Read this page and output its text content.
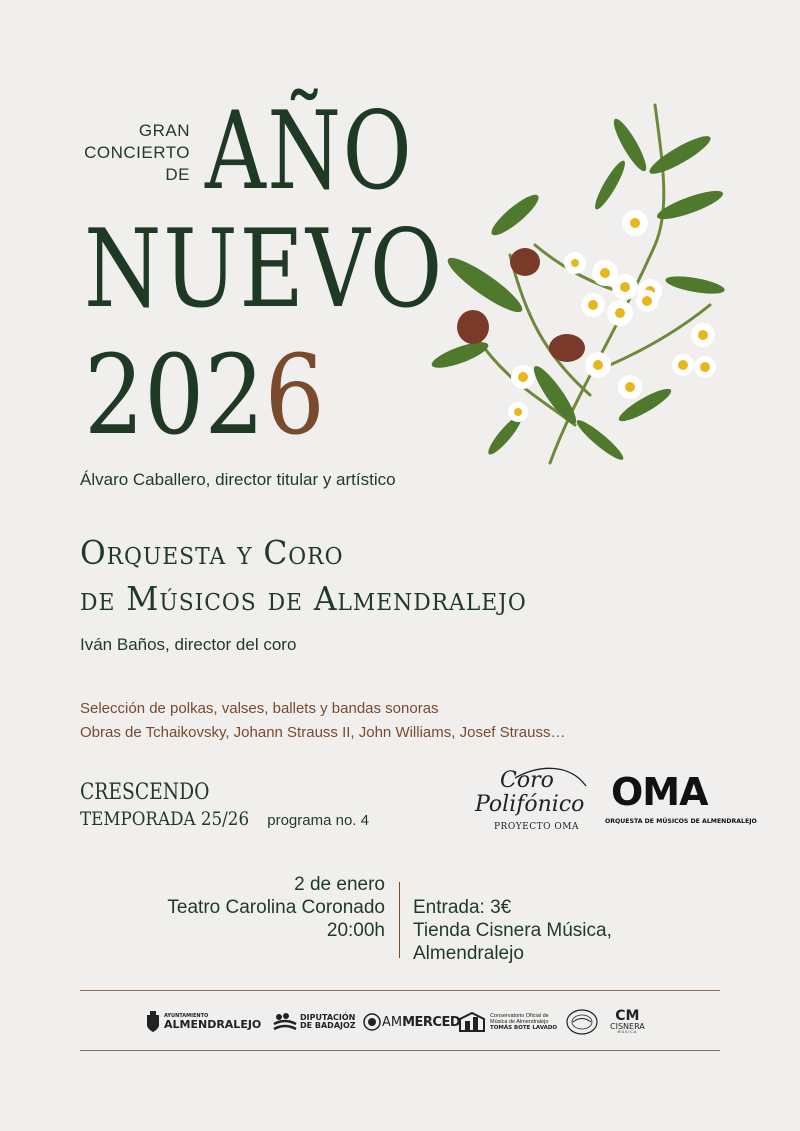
GRAN
CONCIERTO
DE AÑO
NUEVO
2026
Álvaro Caballero, director titular y artístico
Orquesta y Coro
de Músicos de Almendralejo
Iván Baños, director del coro
Selección de polkas, valses, ballets y bandas sonoras
Obras de Tchaikovsky, Johann Strauss II, John Williams, Josef Strauss…
CRESCENDO
TEMPORADA 25/26 programa no. 4
Coro
Polifónico
PROYECTO OMA
OMA
ORQUESTA DE MÚSICOS DE ALMENDRALEJO
2 de enero
Teatro Carolina Coronado
20:00h
Entrada: 3€
Tienda Cisnera Música,
Almendralejo
AYUNTAMIENTO
ALMENDRALEJO
DIPUTACIÓN
DE BADAJOZ AM MERCED	Conservatorio Oficial de
Música de Almendralejo
TOMÁS BOTE LAVADO
CM
CISNERA
MÚSICA
